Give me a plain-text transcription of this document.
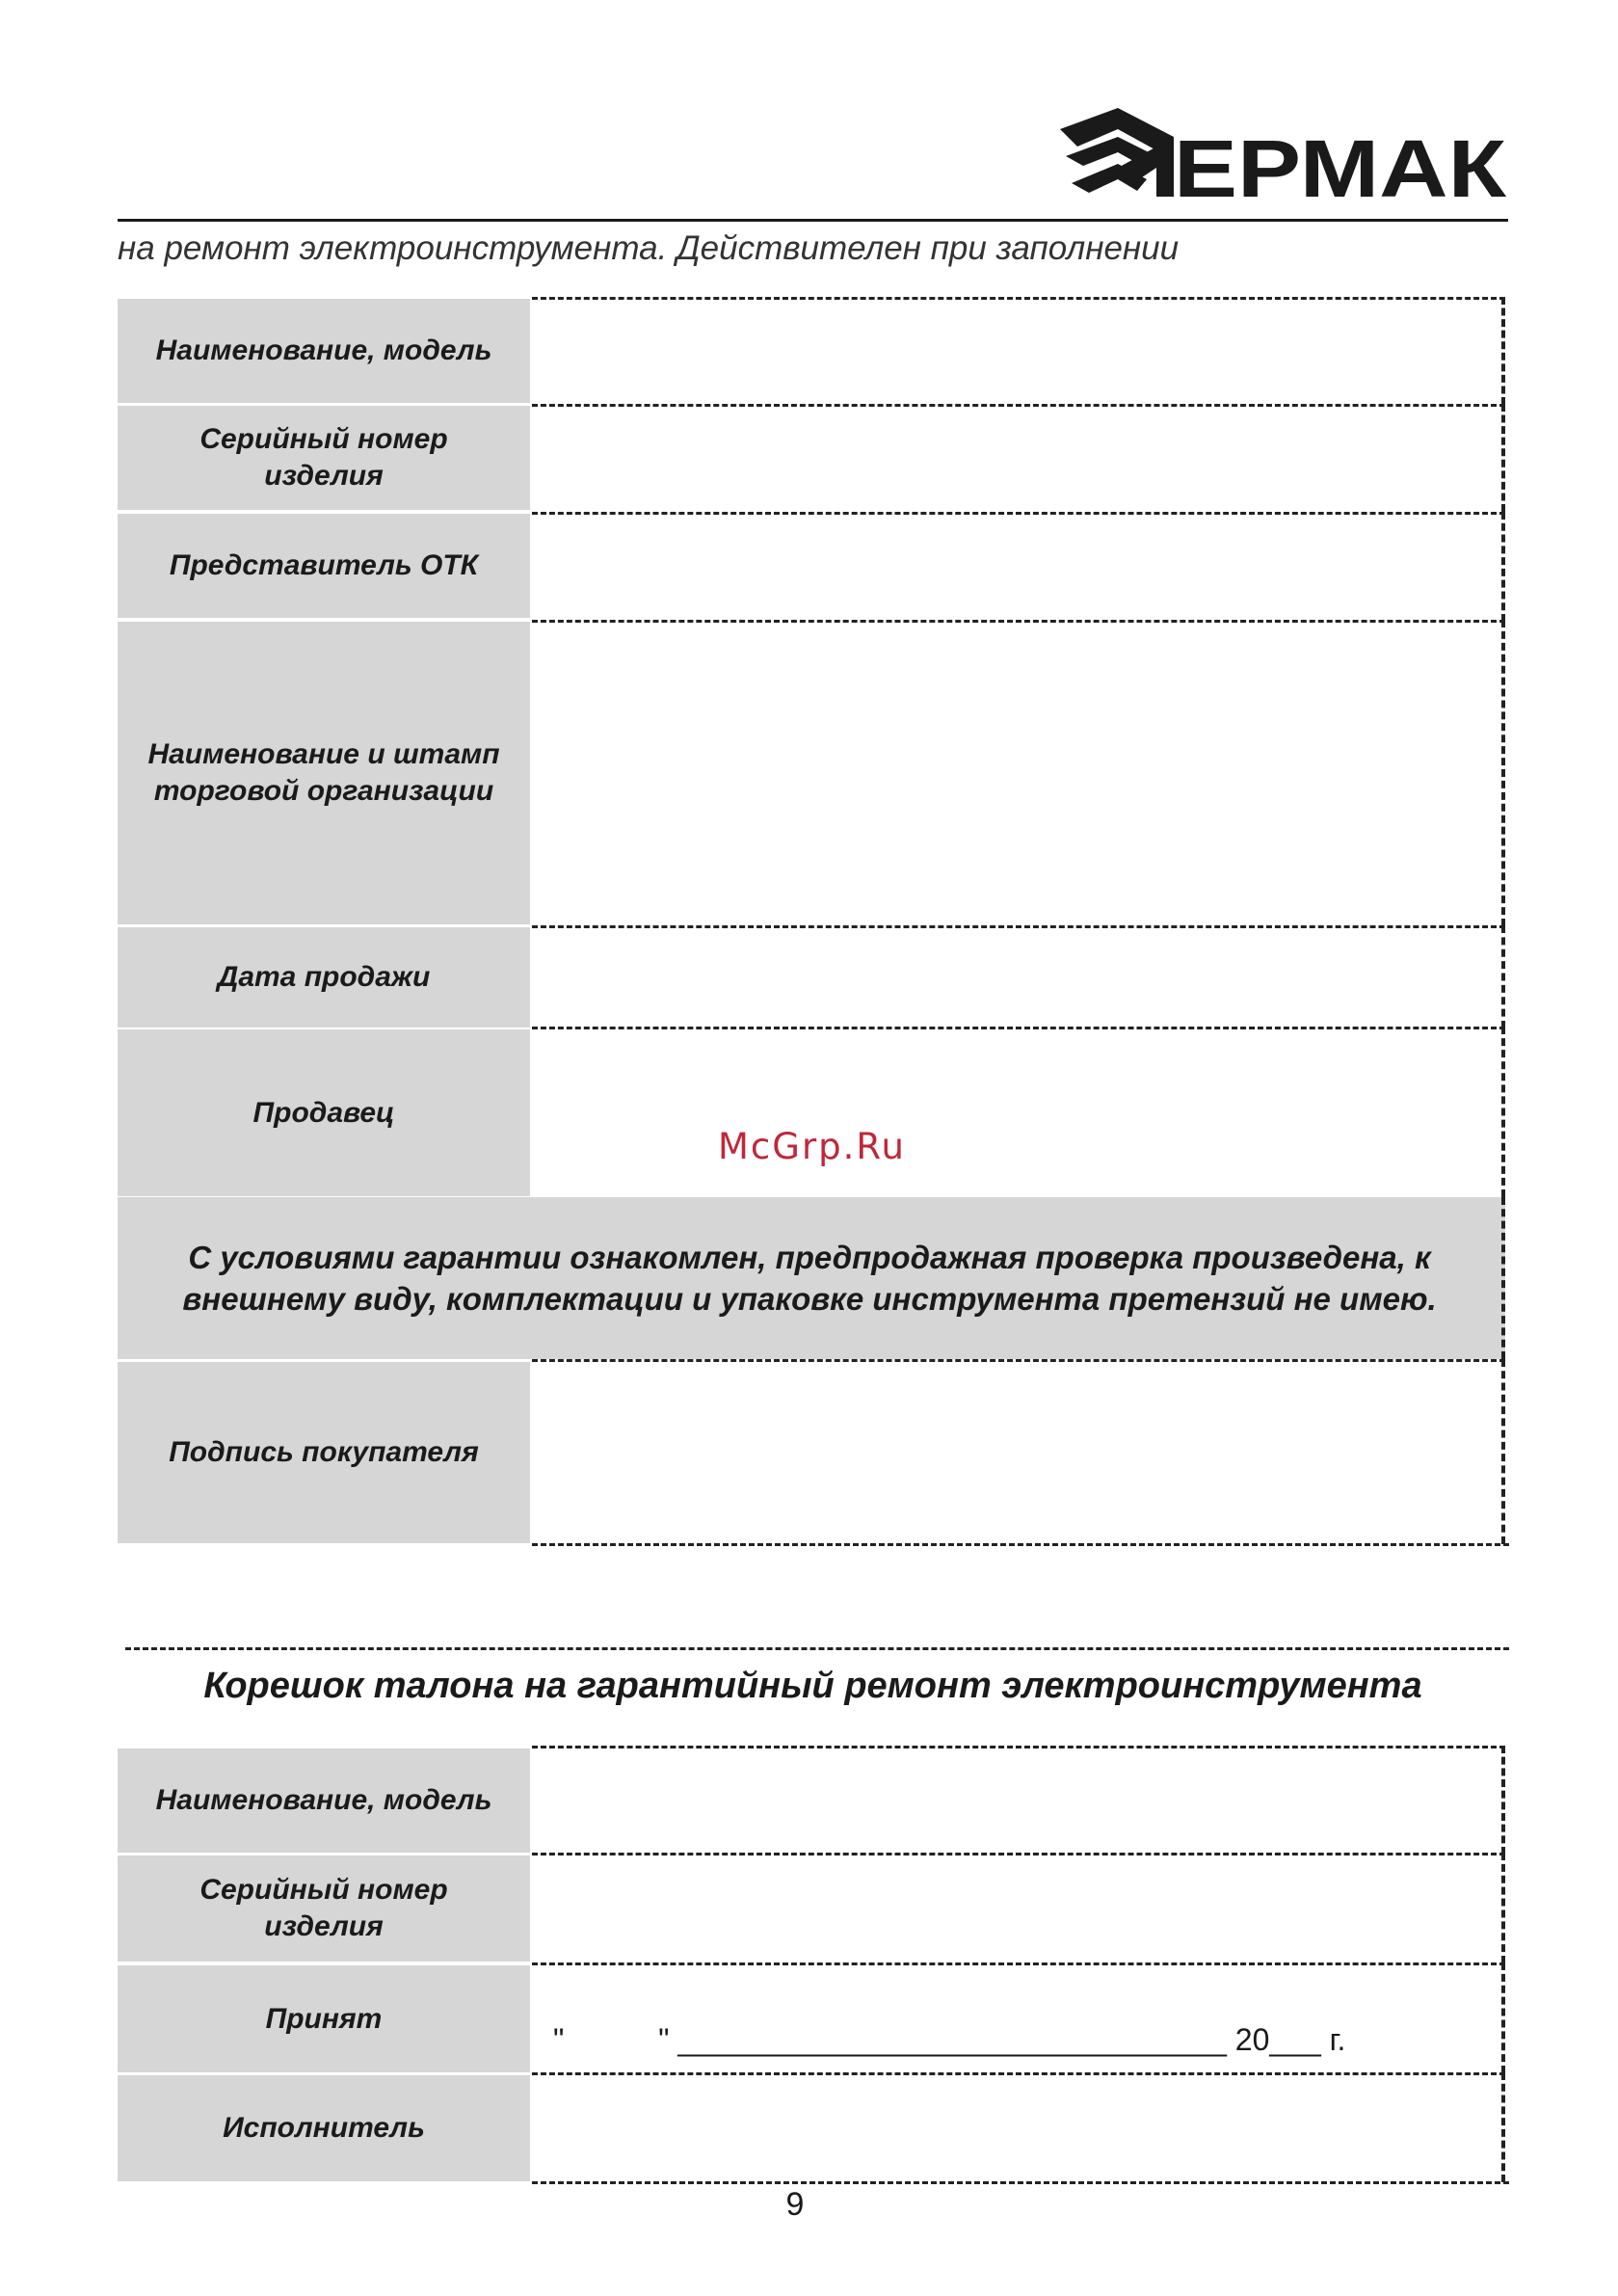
ЕРМАК
на ремонт электроинструмента. Действителен при заполнении
Наименование, модель
Серийный номер
изделия
Представитель ОТК
Наименование и штамп
торговой организации
Дата продажи
Продавец
С условиями гарантии ознакомлен, предпродажная проверка произведена, к
внешнему виду, комплектации и упаковке инструмента претензий не имею.
Подпись покупателя
Корешок талона на гарантийный ремонт электроинструмента
Наименование, модель
Серийный номер
изделия
Принят
"           " ________________________________ 20___ г.
Исполнитель
9
McGrp.Ru
